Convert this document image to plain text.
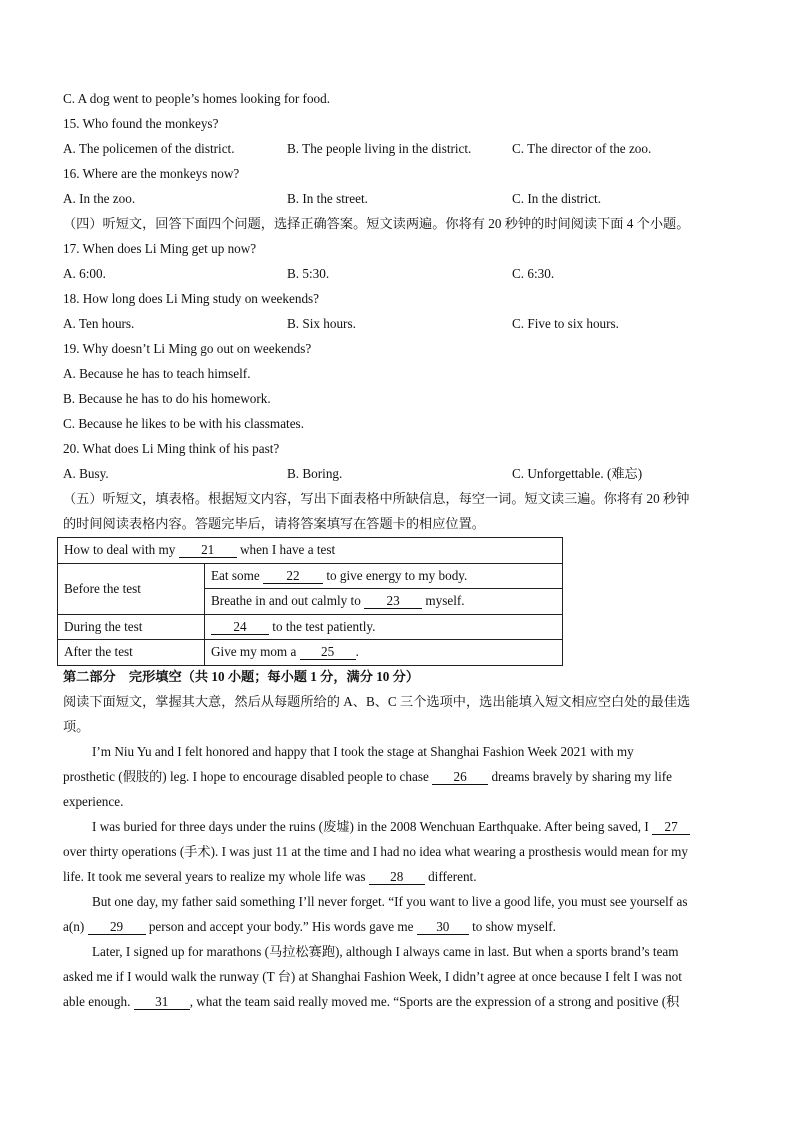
C. A dog went to people’s homes looking for food.
15. Who found the monkeys?
A. The policemen of the district.	B. The people living in the district.	C. The director of the zoo.
16. Where are the monkeys now?
A. In the zoo.	B. In the street.	C. In the district.
（四）听短文，回答下面四个问题，选择正确答案。短文读两遍。你将有 20 秒钟的时间阅读下面 4 个小题。
17. When does Li Ming get up now?
A. 6:00.	B. 5:30.	C. 6:30.
18. How long does Li Ming study on weekends?
A. Ten hours.	B. Six hours.	C. Five to six hours.
19. Why doesn’t Li Ming go out on weekends?
A. Because he has to teach himself.
B. Because he has to do his homework.
C. Because he likes to be with his classmates.
20. What does Li Ming think of his past?
A. Busy.	B. Boring.	C. Unforgettable. (难忘)
（五）听短文，填表格。根据短文内容，写出下面表格中所缺信息，每空一词。短文读三遍。你将有 20 秒钟
的时间阅读表格内容。答题完毕后，请将答案填写在答题卡的相应位置。
How to deal with my 21 when I have a test	
Before the test	Eat some 22 to give energy to my body.
	Breathe in and out calmly to 23 myself.
During the test	24 to the test patiently.
After the test	Give my mom a 25 .
第二部分　完形填空（共 10 小题；每小题 1 分，满分 10 分）
阅读下面短文，掌握其大意，然后从每题所给的 A、B、C 三个选项中，选出能填入短文相应空白处的最佳选
项。
I’m Niu Yu and I felt honored and happy that I took the stage at Shanghai Fashion Week 2021 with my
prosthetic (假肢的) leg. I hope to encourage disabled people to chase 26 dreams bravely by sharing my life
experience.
I was buried for three days under the ruins (废墟) in the 2008 Wenchuan Earthquake. After being saved, I 27
over thirty operations (手术). I was just 11 at the time and I had no idea what wearing a prosthesis would mean for my
life. It took me several years to realize my whole life was 28 different.
But one day, my father said something I’ll never forget. “If you want to live a good life, you must see yourself as
a(n) 29 person and accept your body.” His words gave me 30 to show myself.
Later, I signed up for marathons (马拉松赛跑), although I always came in last. But when a sports brand’s team
asked me if I would walk the runway (T 台) at Shanghai Fashion Week, I didn’t agree at once because I felt I was not
able enough. 31 , what the team said really moved me. “Sports are the expression of a strong and positive (积
